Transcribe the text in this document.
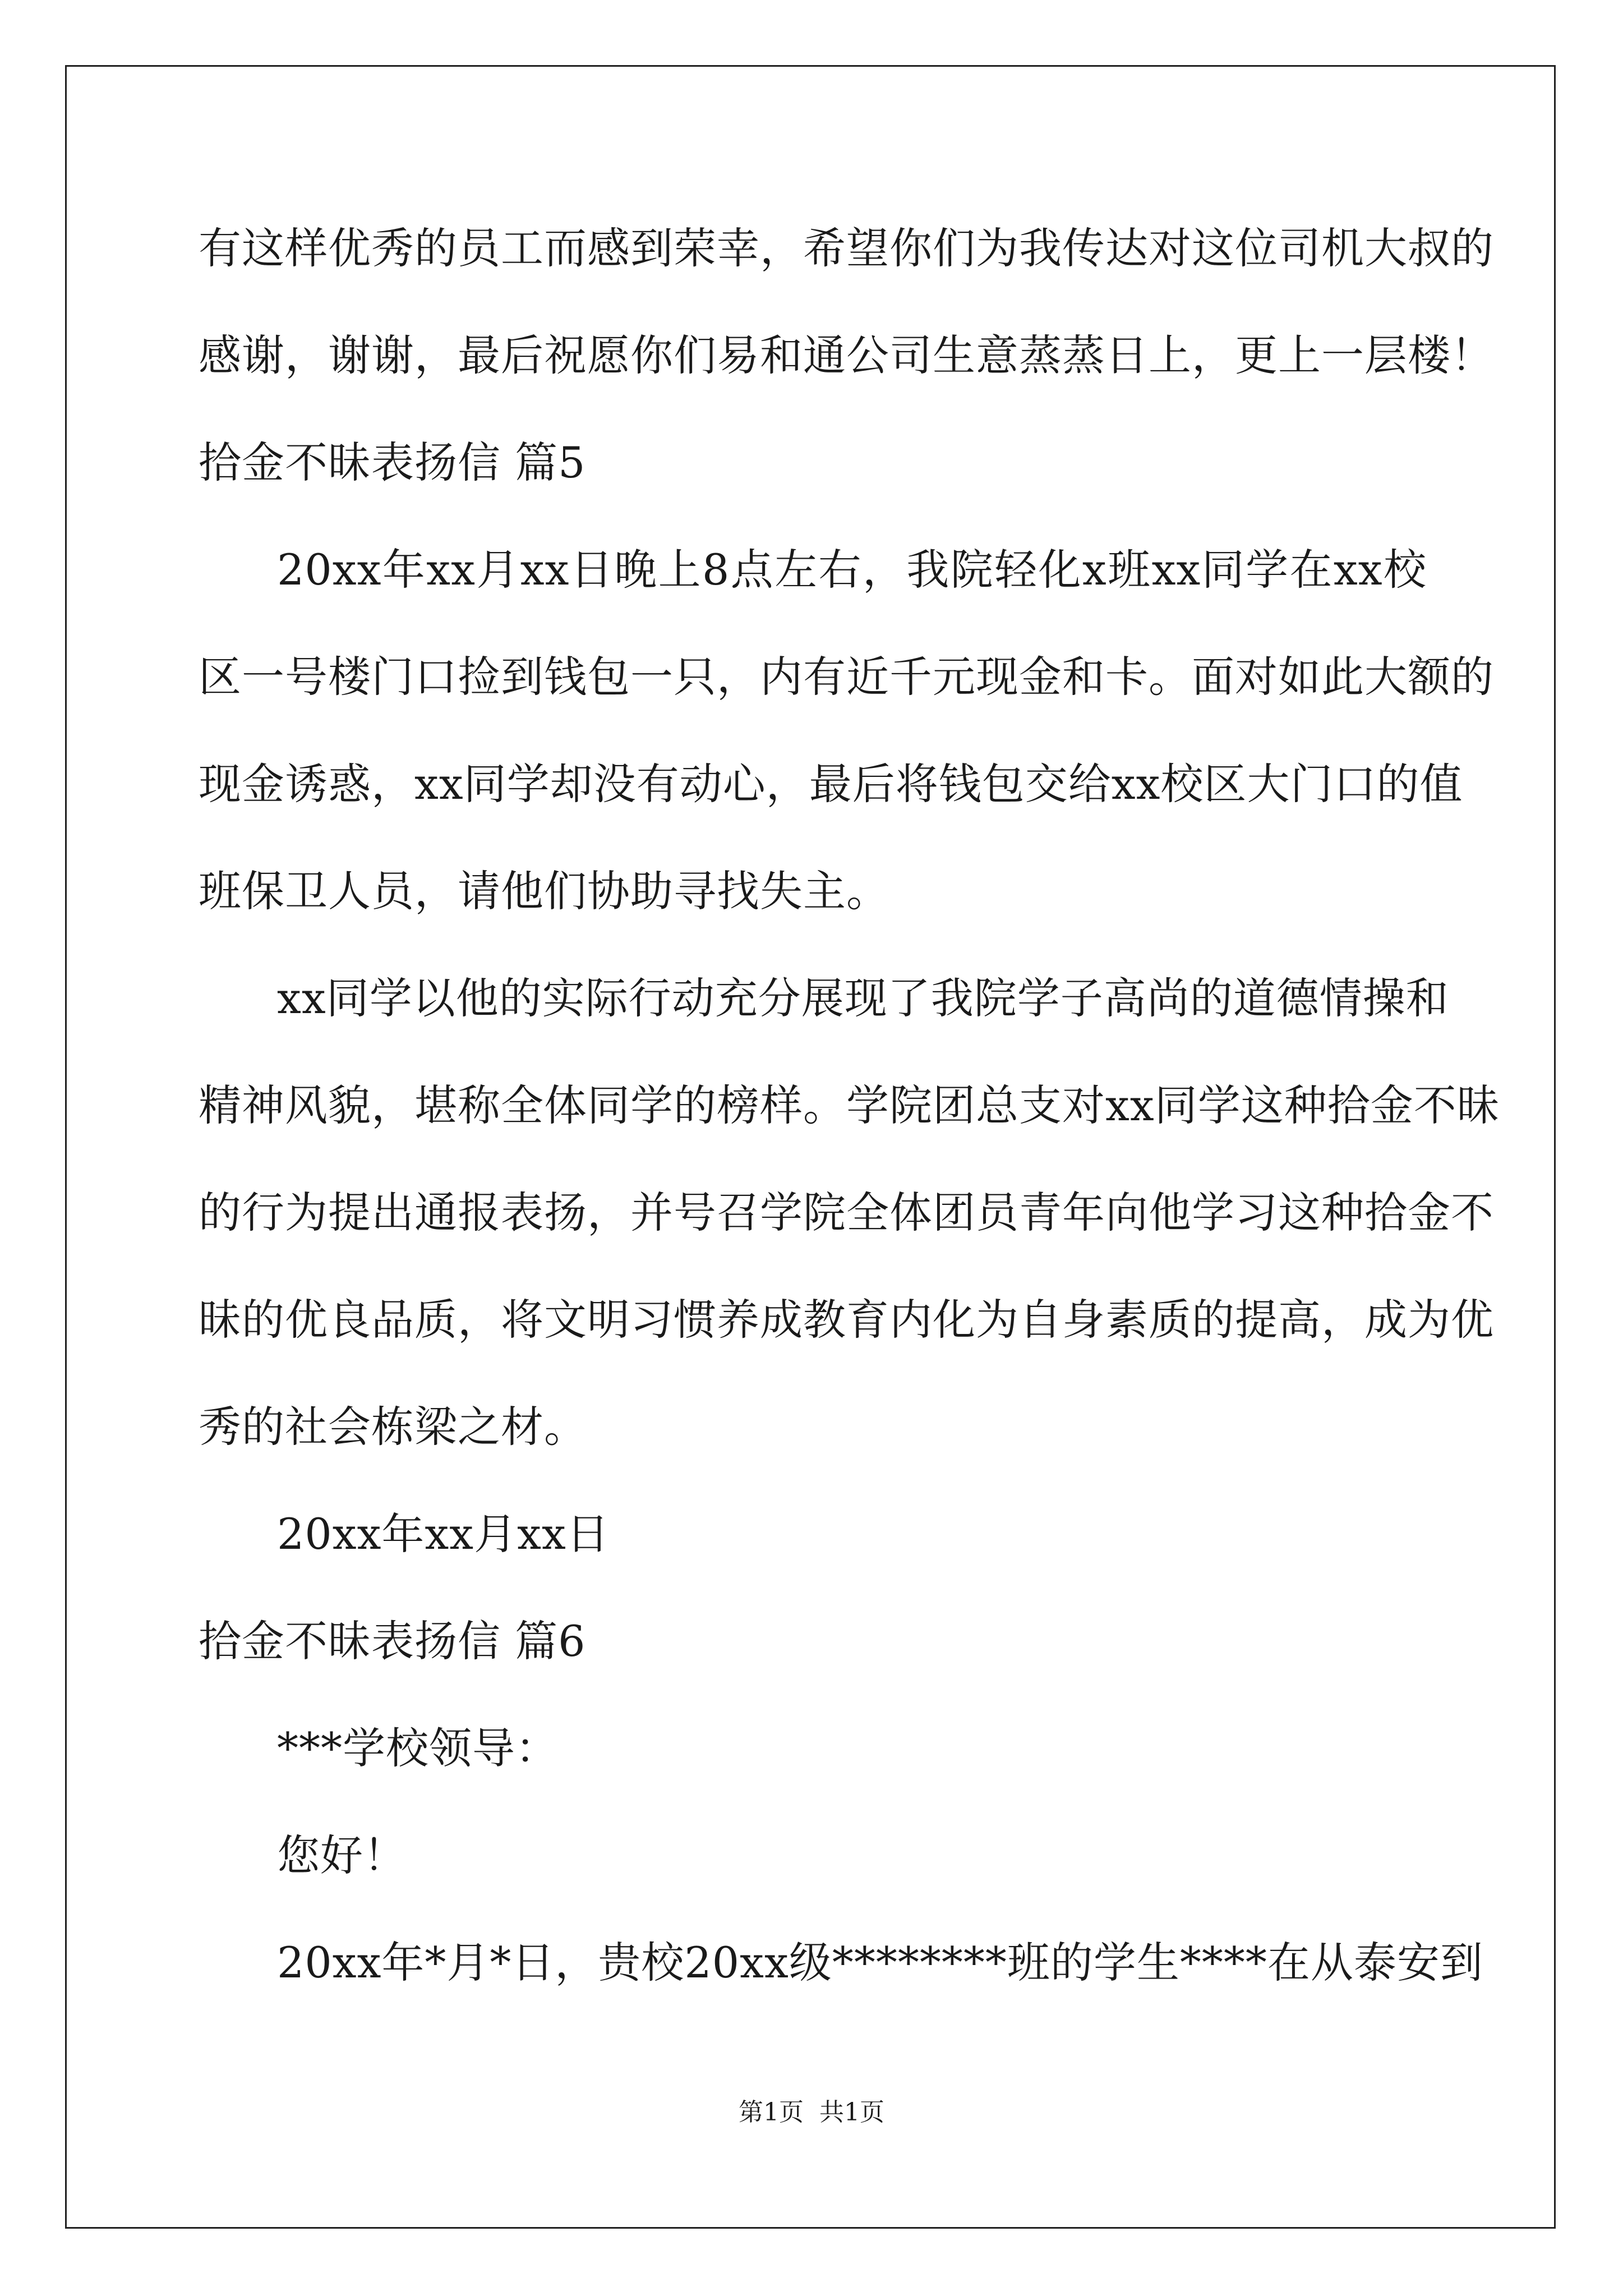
有这样优秀的员工而感到荣幸，希望你们为我传达对这位司机大叔的
感谢，谢谢，最后祝愿你们易和通公司生意蒸蒸日上，更上一层楼！
拾金不昧表扬信 篇5
20xx年xx月xx日晚上8点左右，我院轻化x班xx同学在xx校
区一号楼门口捡到钱包一只，内有近千元现金和卡。面对如此大额的
现金诱惑，xx同学却没有动心，最后将钱包交给xx校区大门口的值
班保卫人员，请他们协助寻找失主。
xx同学以他的实际行动充分展现了我院学子高尚的道德情操和
精神风貌，堪称全体同学的榜样。学院团总支对xx同学这种拾金不昧
的行为提出通报表扬，并号召学院全体团员青年向他学习这种拾金不
昧的优良品质，将文明习惯养成教育内化为自身素质的提高，成为优
秀的社会栋梁之材。
20xx年xx月xx日
拾金不昧表扬信 篇6
***学校领导：
您好！
20xx年*月*日，贵校20xx级********班的学生****在从泰安到
第1页  共1页
